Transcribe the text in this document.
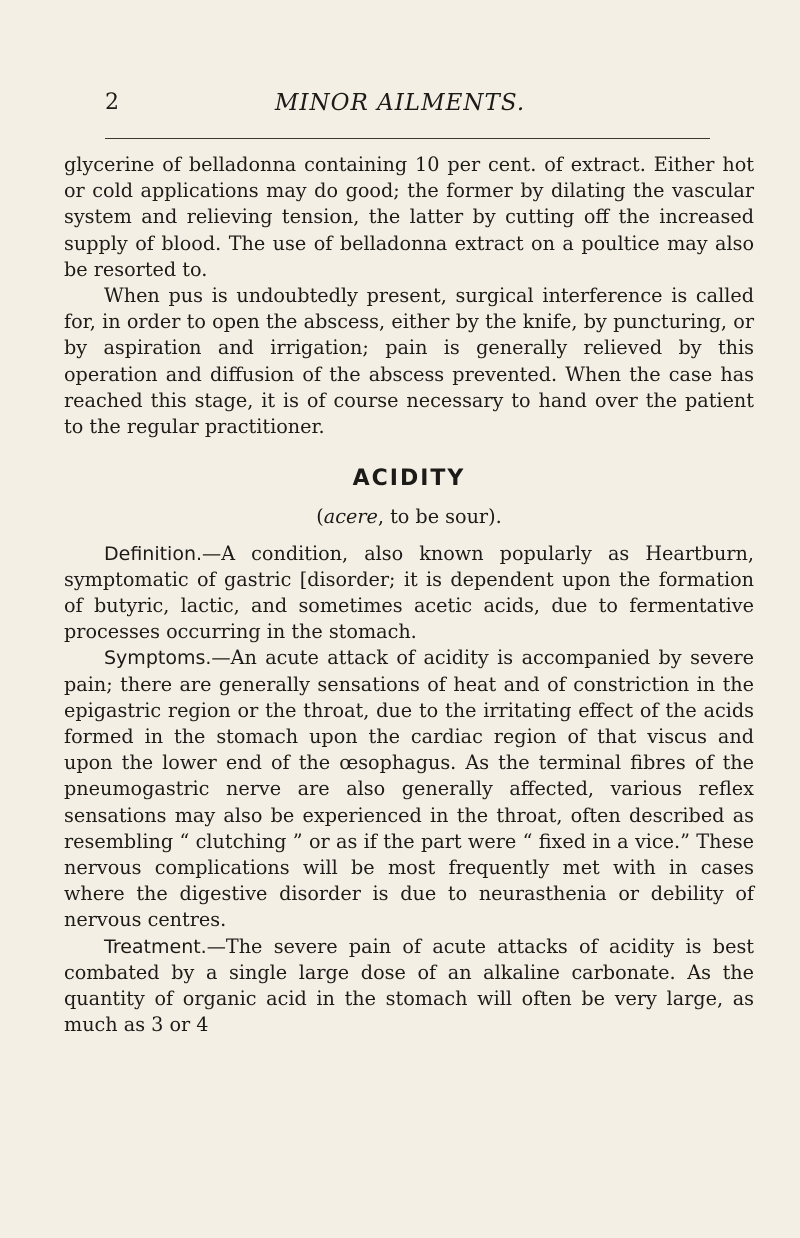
2	MINOR AILMENTS.

glycerine of belladonna containing 10 per cent. of extract. Either hot or cold applications may do good; the former by dilating the vascular system and relieving tension, the latter by cutting off the increased supply of blood. The use of belladonna extract on a poultice may also be resorted to.

When pus is undoubtedly present, surgical interference is called for, in order to open the abscess, either by the knife, by puncturing, or by aspiration and irrigation; pain is generally relieved by this operation and diffusion of the abscess prevented. When the case has reached this stage, it is of course necessary to hand over the patient to the regular practitioner.

ACIDITY
(acere, to be sour).

Definition.—A condition, also known popularly as Heartburn, symptomatic of gastric [disorder; it is dependent upon the formation of butyric, lactic, and sometimes acetic acids, due to fermentative processes occurring in the stomach.

Symptoms.—An acute attack of acidity is accompanied by severe pain; there are generally sensations of heat and of constriction in the epigastric region or the throat, due to the irritating effect of the acids formed in the stomach upon the cardiac region of that viscus and upon the lower end of the œsophagus. As the terminal fibres of the pneumogastric nerve are also generally affected, various reflex sensations may also be experienced in the throat, often described as resembling “ clutching ” or as if the part were “ fixed in a vice.” These nervous complications will be most frequently met with in cases where the digestive disorder is due to neurasthenia or debility of nervous centres.

Treatment.—The severe pain of acute attacks of acidity is best combated by a single large dose of an alkaline carbonate. As the quantity of organic acid in the stomach will often be very large, as much as 3 or 4
